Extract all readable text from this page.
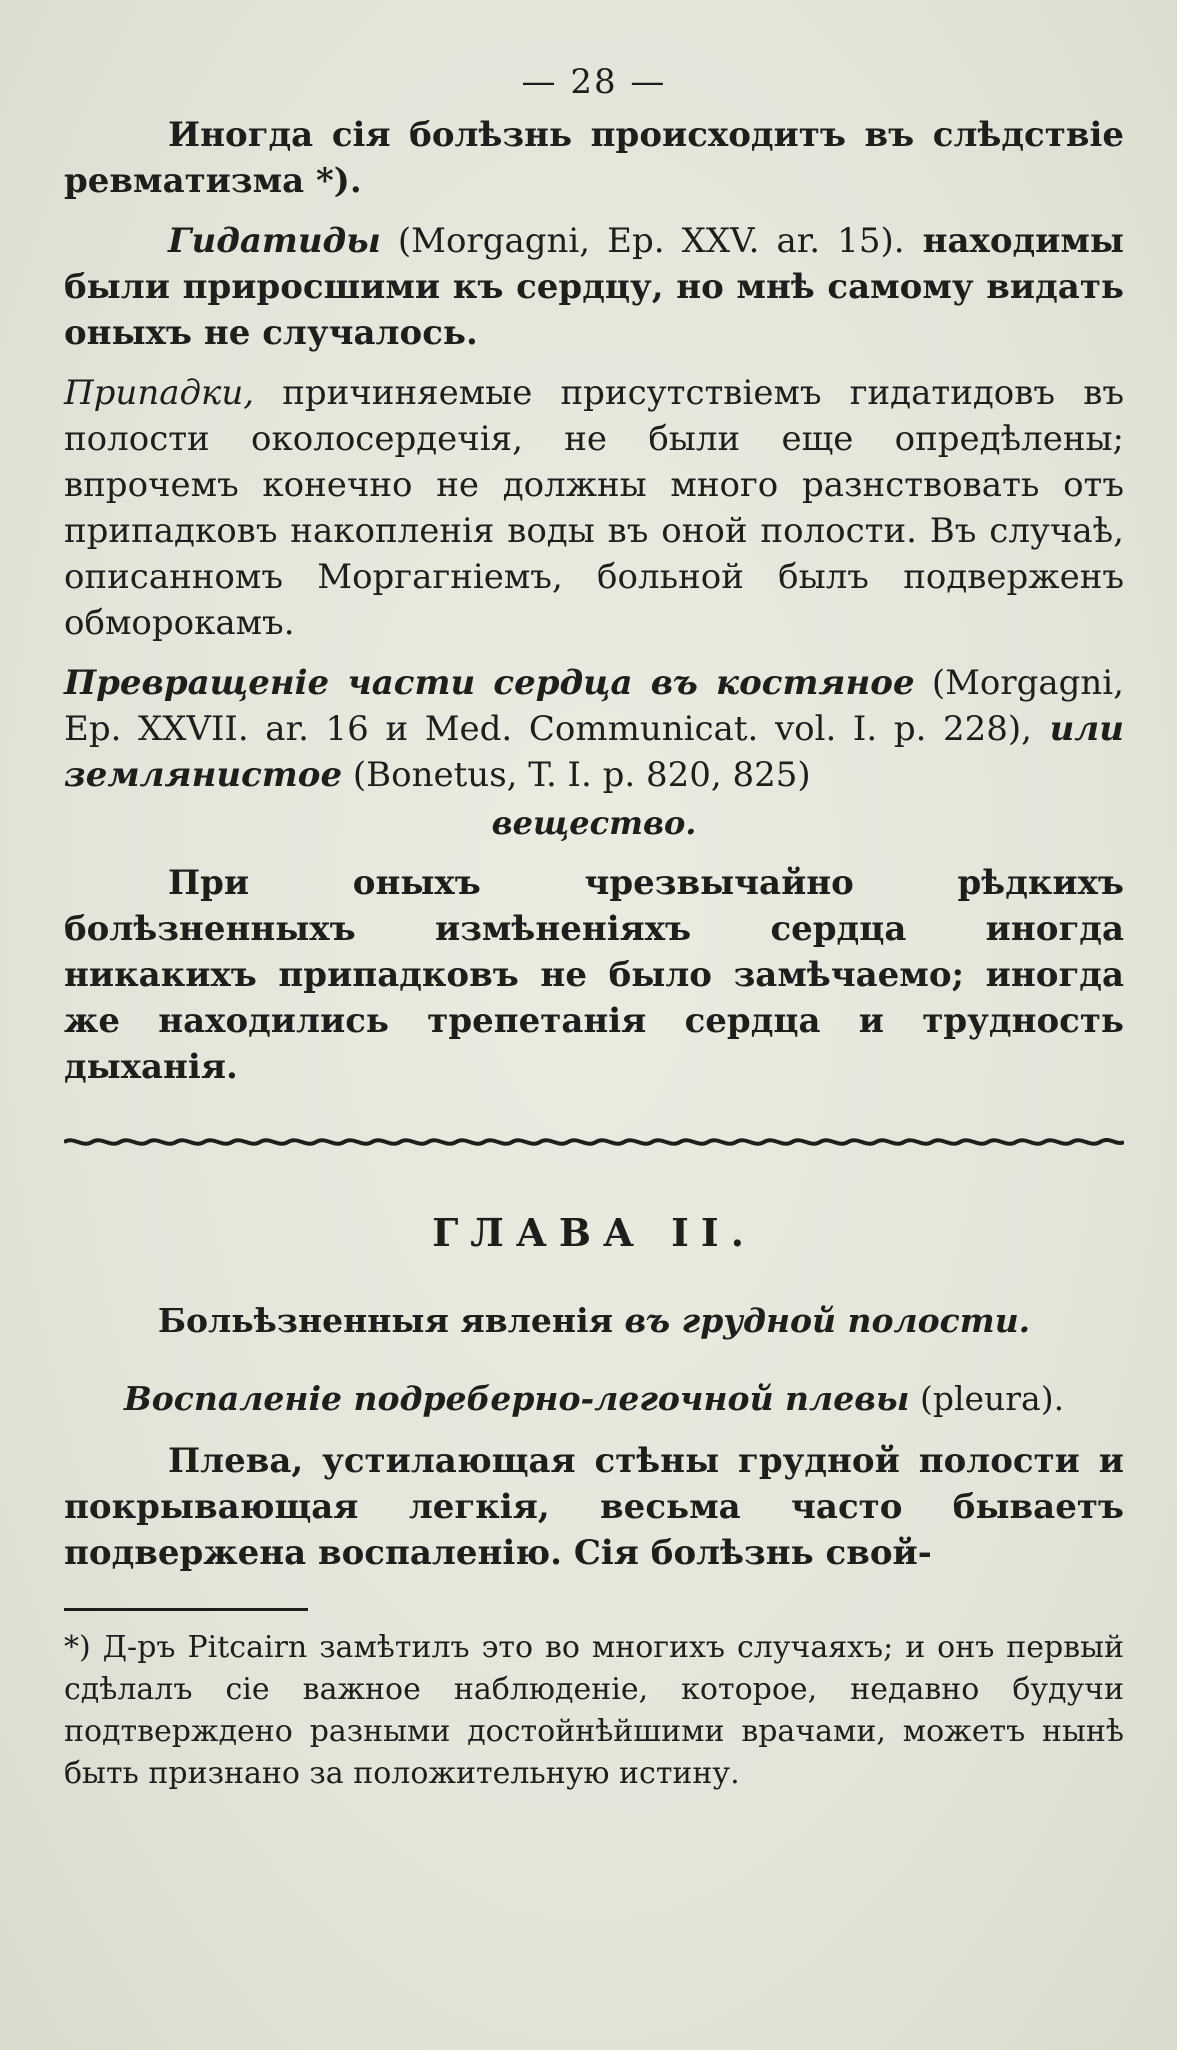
— 28 —

Иногда сія болѣзнь происходитъ въ слѣдствіе ревматизма *).

Гидатиды (Morgagni, Ep. XXV. ar. 15). находимы были приросшими къ сердцу, но мнѣ самому видать оныхъ не случалось.

Припадки, причиняемые присутствіемъ гидатидовъ въ полости околосердечія, не были еще опредѣлены; впрочемъ конечно не должны много разнствовать отъ припадковъ накопленія воды въ оной полости. Въ случаѣ, описанномъ Моргагніемъ, больной былъ подверженъ обморокамъ.

Превращеніе части сердца въ костяное (Morgagni, Ep. XXVII. ar. 16 и Med. Communicat. vol. I. p. 228), или землянистое (Bonetus, T. I. p. 820, 825)

вещество.

При оныхъ чрезвычайно рѣдкихъ болѣзненныхъ измѣненіяхъ сердца иногда никакихъ припадковъ не было замѣчаемо; иногда же находились трепетанія сердца и трудность дыханія.

ГЛАВА II.
Больѣзненныя явленія въ грудной полости.
Воспаленіе подреберно-легочной плевы (pleura).

Плева, устилающая стѣны грудной полости и покрывающая легкія, весьма часто бываетъ подвержена воспаленію. Сія болѣзнь свой-

*) Д-ръ Pitcairn замѣтилъ это во многихъ случаяхъ; и онъ первый сдѣлалъ сіе важное наблюденіе, которое, недавно будучи подтверждено разными достойнѣйшими врачами, можетъ нынѣ быть признано за положительную истину.
